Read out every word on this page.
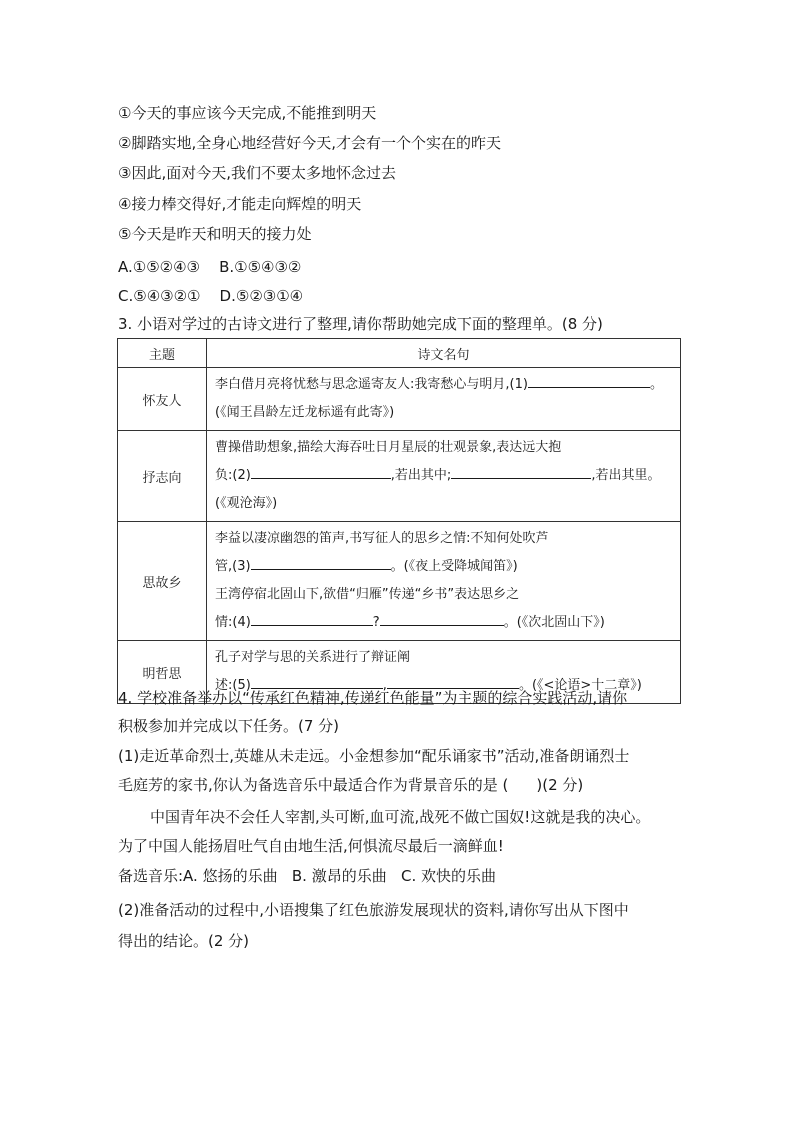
①今天的事应该今天完成,不能推到明天
②脚踏实地,全身心地经营好今天,才会有一个个实在的昨天
③因此,面对今天,我们不要太多地怀念过去
④接力棒交得好,才能走向辉煌的明天
⑤今天是昨天和明天的接力处
A.①⑤②④③    B.①⑤④③②
C.⑤④③②①    D.⑤②③①④
3. 小语对学过的古诗文进行了整理,请你帮助她完成下面的整理单。(8 分)
主题	诗文名句
怀友人	李白借月亮将忧愁与思念遥寄友人:我寄愁心与明月,(1) 。
(《闻王昌龄左迁龙标遥有此寄》)

抒志向	曹操借助想象,描绘大海吞吐日月星辰的壮观景象,表达远大抱
负:(2) ,若出其中; ,若出其里。
(《观沧海》)

思故乡	李益以凄凉幽怨的笛声,书写征人的思乡之情:不知何处吹芦
管,(3) 。(《夜上受降城闻笛》)
王湾停宿北固山下,欲借“归雁”传递“乡书”表达思乡之
情:(4) ? 。(《次北固山下》)

明哲思	孔子对学与思的关系进行了辩证阐
述:(5) , 。(《<论语>十二章》)
4. 学校准备举办以“传承红色精神,传递红色能量”为主题的综合实践活动,请你
积极参加并完成以下任务。(7 分)
(1)走近革命烈士,英雄从未走远。小金想参加“配乐诵家书”活动,准备朗诵烈士
毛庭芳的家书,你认为备选音乐中最适合作为背景音乐的是 ( )(2 分)
中国青年决不会任人宰割,头可断,血可流,战死不做亡国奴!这就是我的决心。
为了中国人能扬眉吐气自由地生活,何惧流尽最后一滴鲜血!
备选音乐:A. 悠扬的乐曲   B. 激昂的乐曲   C. 欢快的乐曲
(2)准备活动的过程中,小语搜集了红色旅游发展现状的资料,请你写出从下图中
得出的结论。(2 分)
